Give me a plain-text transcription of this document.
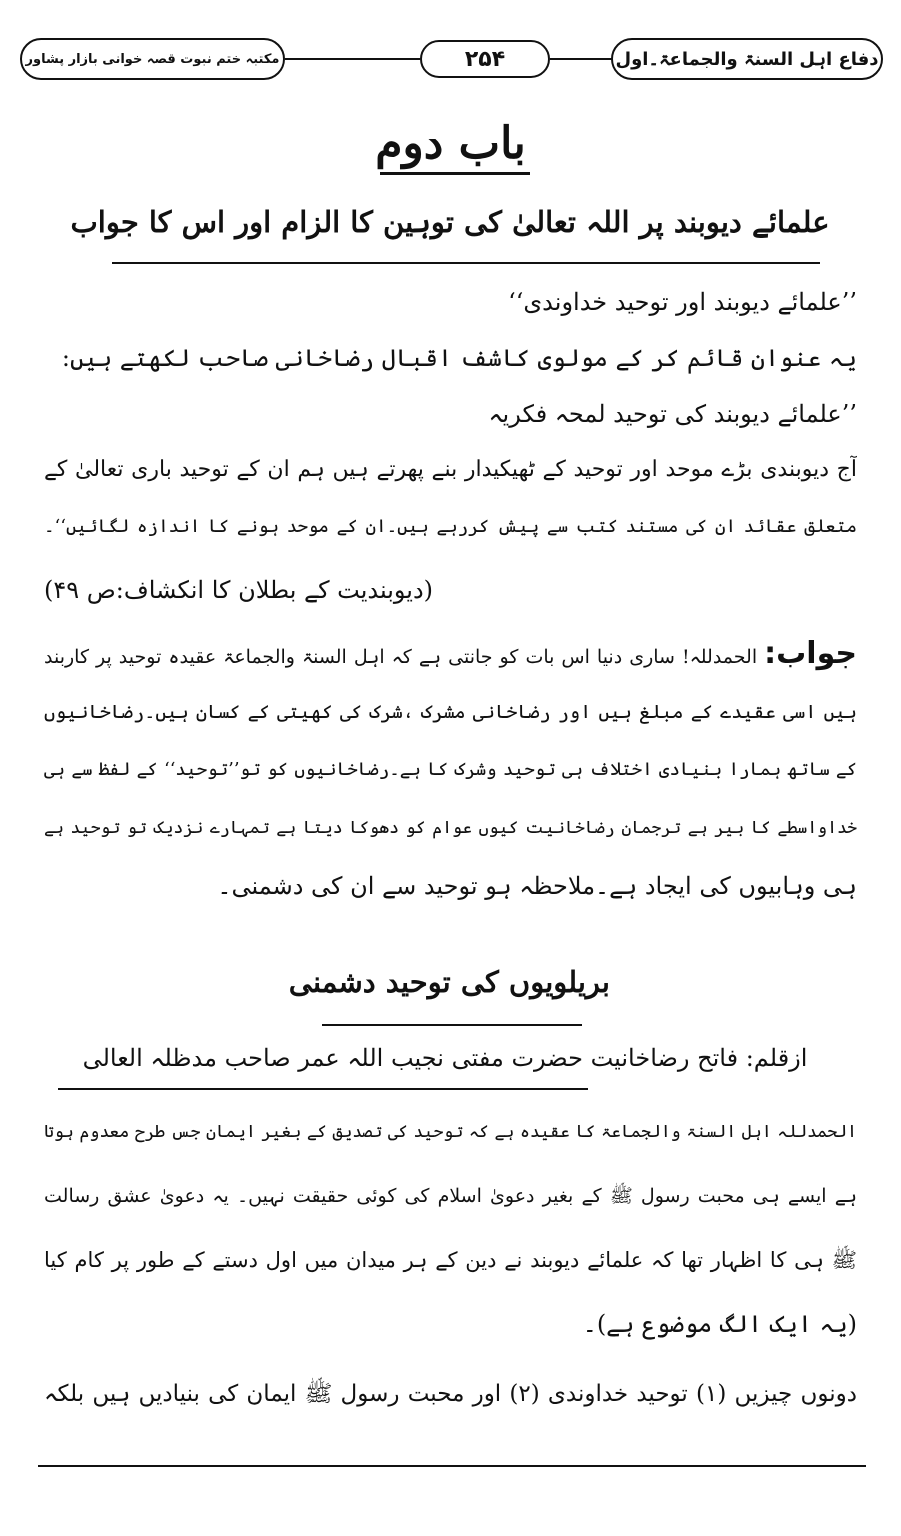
مکتبہ ختم نبوت قصہ خوانی بازار پشاور	۲۵۴	دفاع اہل السنۃ والجماعۃ۔اول
باب دوم
علمائے دیوبند پر اللہ تعالیٰ کی توہین کا الزام اور اس کا جواب
’’علمائے دیوبند اور توحید خداوندی‘‘
یہ عنوان قائم کر کے مولوی کاشف اقبال رضاخانی صاحب لکھتے ہیں:
’’علمائے دیوبند کی توحید لمحہ فکریہ
آج دیوبندی بڑے موحد اور توحید کے ٹھیکیدار بنے پھرتے ہیں ہم ان کے توحید باری تعالیٰ کے
متعلق عقائد ان کی مستند کتب سے پیش کررہے ہیں۔ان کے موحد ہونے کا اندازہ لگائیں‘‘۔
(دیوبندیت کے بطلان کا انکشاف:ص ۴۹)
جواب: الحمدللہ! ساری دنیا اس بات کو جانتی ہے کہ اہل السنۃ والجماعۃ عقیدہ توحید پر کاربند
ہیں اسی عقیدے کے مبلغ ہیں اور رضاخانی مشرک ،شرک کی کھیتی کے کسان ہیں۔رضاخانیوں
کے ساتھ ہمارا بنیادی اختلاف ہی توحید وشرک کا ہے۔رضاخانیوں کو تو’’توحید‘‘ کے لفظ سے ہی
خداواسطے کا بیر ہے ترجمان رضاخانیت کیوں عوام کو دھوکا دیتا ہے تمہارے نزدیک تو توحید ہے
ہی وہابیوں کی ایجاد ہے۔ملاحظہ ہو توحید سے ان کی دشمنی۔
بریلویوں کی توحید دشمنی
ازقلم: فاتح رضاخانیت حضرت مفتی نجیب اللہ عمر صاحب مدظلہ العالی
الحمدللہ اہل السنۃ والجماعۃ کا عقیدہ ہے کہ توحید کی تصدیق کے بغیر ایمان جس طرح معدوم ہوتا
ہے ایسے ہی محبت رسول ﷺ کے بغیر دعویٰ اسلام کی کوئی حقیقت نہیں۔ یہ دعویٰ عشق رسالت
ﷺ ہی کا اظہار تھا کہ علمائے دیوبند نے دین کے ہر میدان میں اول دستے کے طور پر کام کیا
(یہ ایک الگ موضوع ہے)۔
دونوں چیزیں (۱) توحید خداوندی (۲) اور محبت رسول ﷺ ایمان کی بنیادیں ہیں بلکہ
